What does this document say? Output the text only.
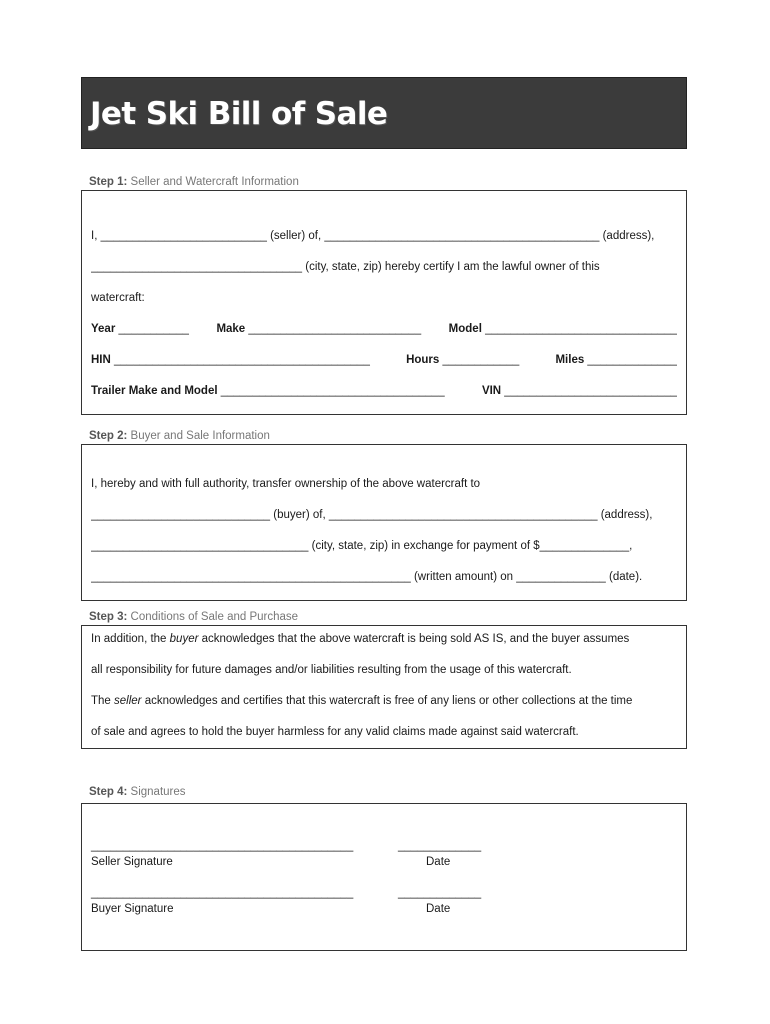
Jet Ski Bill of Sale
Step 1: Seller and Watercraft Information
I, __________________________ (seller) of, ___________________________________________ (address),
_________________________________ (city, state, zip) hereby certify I am the lawful owner of this
watercraft:
Year ___________ Make ___________________________ Model ______________________________
HIN ________________________________________	Hours ____________	Miles ______________
Trailer Make and Model ___________________________________	VIN ___________________________
Step 2: Buyer and Sale Information
I, hereby and with full authority, transfer ownership of the above watercraft to
____________________________ (buyer) of, __________________________________________ (address),
__________________________________ (city, state, zip) in exchange for payment of $______________,
__________________________________________________ (written amount) on ______________ (date).
Step 3: Conditions of Sale and Purchase
In addition, the buyer acknowledges that the above watercraft is being sold AS IS, and the buyer assumes
all responsibility for future damages and/or liabilities resulting from the usage of this watercraft.
The seller acknowledges and certifies that this watercraft is free of any liens or other collections at the time
of sale and agrees to hold the buyer harmless for any valid claims made against said watercraft.
Step 4: Signatures
_________________________________________	_____________
Seller Signature	Date
_________________________________________	_____________
Buyer Signature	Date
